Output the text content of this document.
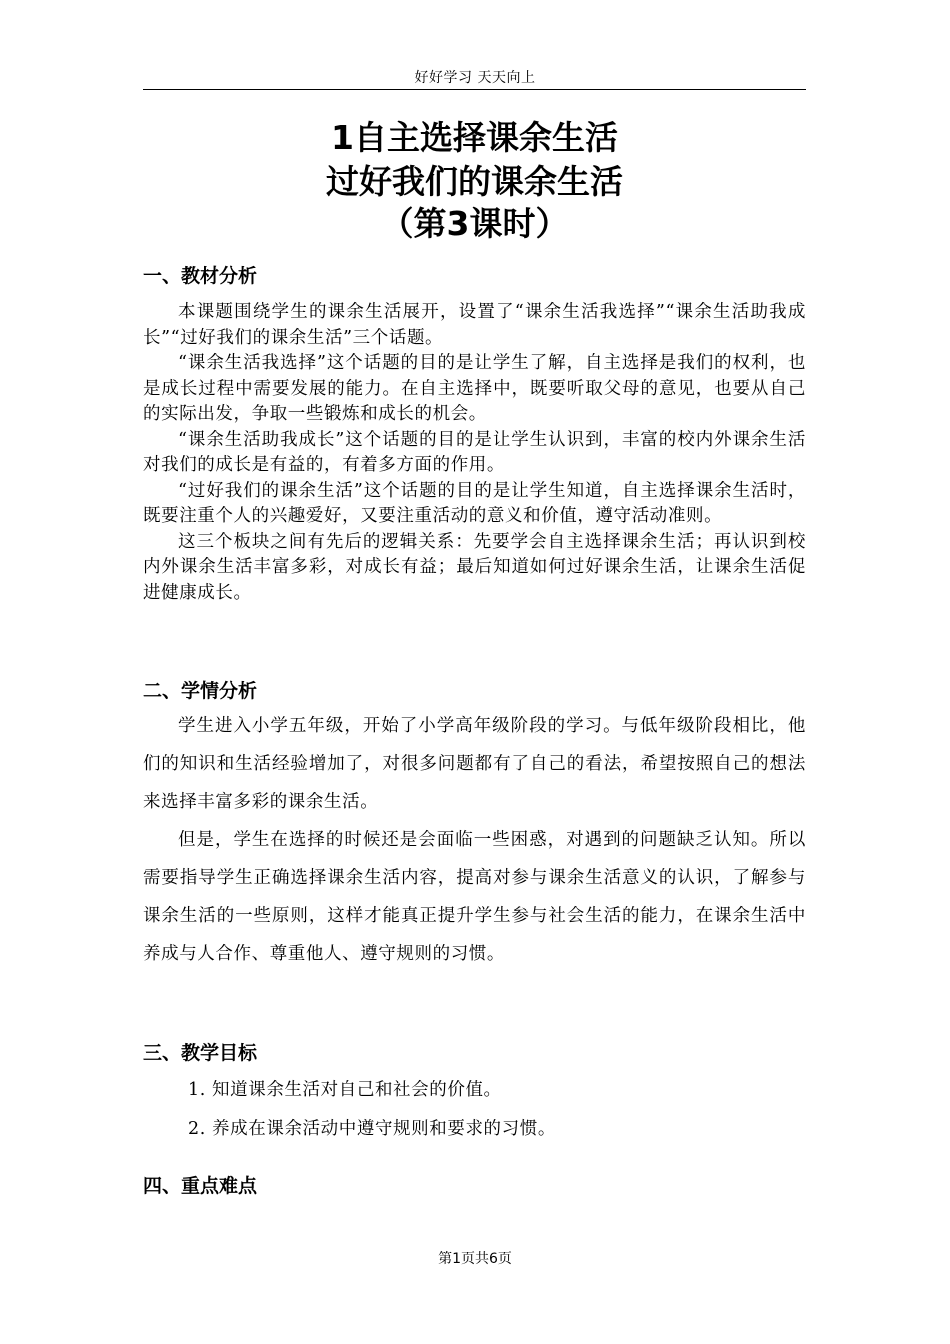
好好学习 天天向上
1自主选择课余生活
过好我们的课余生活
（第3课时）
一、教材分析

本课题围绕学生的课余生活展开，设置了“课余生活我选择”“课余生活助我成长”“过好我们的课余生活”三个话题。

“课余生活我选择”这个话题的目的是让学生了解，自主选择是我们的权利，也是成长过程中需要发展的能力。在自主选择中，既要听取父母的意见，也要从自己的实际出发，争取一些锻炼和成长的机会。

“课余生活助我成长”这个话题的目的是让学生认识到，丰富的校内外课余生活对我们的成长是有益的，有着多方面的作用。

“过好我们的课余生活”这个话题的目的是让学生知道，自主选择课余生活时，既要注重个人的兴趣爱好，又要注重活动的意义和价值，遵守活动准则。

这三个板块之间有先后的逻辑关系：先要学会自主选择课余生活；再认识到校内外课余生活丰富多彩，对成长有益；最后知道如何过好课余生活，让课余生活促进健康成长。

二、学情分析

学生进入小学五年级，开始了小学高年级阶段的学习。与低年级阶段相比，他们的知识和生活经验增加了，对很多问题都有了自己的看法，希望按照自己的想法来选择丰富多彩的课余生活。

但是，学生在选择的时候还是会面临一些困惑，对遇到的问题缺乏认知。所以需要指导学生正确选择课余生活内容，提高对参与课余生活意义的认识，了解参与课余生活的一些原则，这样才能真正提升学生参与社会生活的能力，在课余生活中养成与人合作、尊重他人、遵守规则的习惯。

三、教学目标
1. 知道课余生活对自己和社会的价值。
2. 养成在课余活动中遵守规则和要求的习惯。
四、重点难点
第1页共6页
